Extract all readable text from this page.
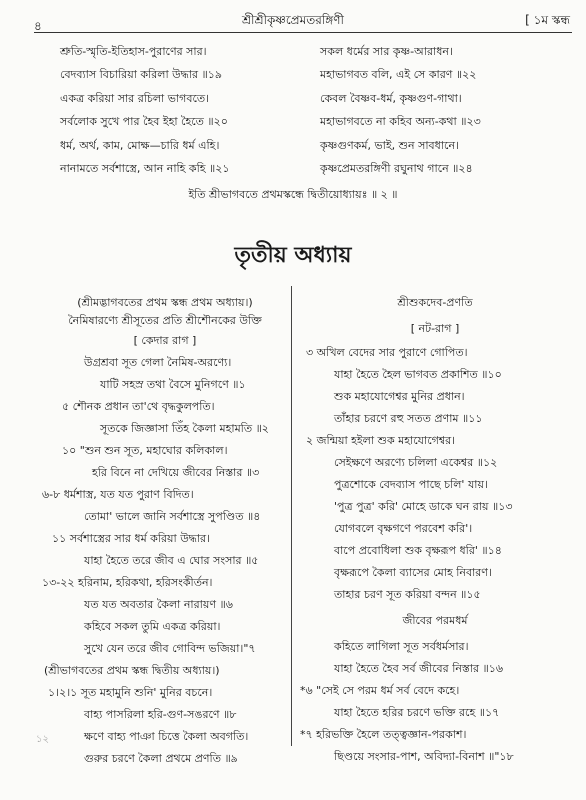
৪	শ্রীশ্রীকৃষ্ণপ্রেমতরঙ্গিণী	[ ১ম স্কন্ধ
শ্রুতি-স্মৃতি-ইতিহাস-পুরাণের সার।
বেদব্যাস বিচারিয়া করিলা উদ্ধার ॥১৯
একত্র করিয়া সার রচিলা ভাগবতে।
সর্বলোক সুখে পার হৈব ইহা হৈতে ॥২০
ধর্ম, অর্থ, কাম, মোক্ষ—চারি ধর্ম এহি।
নানামতে সর্বশাস্ত্রে, আন নাহি কহি ॥২১
সকল ধর্মের সার কৃষ্ণ-আরাধন।
মহাভাগবত বলি, এই সে কারণ ॥২২
কেবল বৈষ্ণব-ধর্ম, কৃষ্ণগুণ-গাথা।
মহাভাগবতে না কহিব অন্য-কথা ॥২৩
কৃষ্ণগুণকর্ম, ভাই, শুন সাবধানে।
কৃষ্ণপ্রেমতরঙ্গিণী রঘুনাথ গানে ॥২৪
ইতি শ্রীভাগবতে প্রথমস্কন্ধে দ্বিতীয়োধ্যায়ঃ ॥ ২ ॥
তৃতীয় অধ্যায়
(শ্রীমদ্ভাগবতের প্রথম স্কন্ধ প্রথম অধ্যায়।)
নৈমিষারণ্যে শ্রীসূতের প্রতি শ্রীশৌনকের উক্তি
[ কেদার রাগ ]
উগ্রশ্রবা সূত গেলা নৈমিষ-অরণ্যে।
যাটি সহস্র তথা বৈসে মুনিগণে ॥১
৫ শৌনক প্রধান তা'থে বৃদ্ধকুলপতি।
সূতকে জিজ্ঞাসা তিঁহ কৈলা মহামতি ॥২
১০ "শুন শুন সূত, মহাঘোর কলিকাল।
হরি বিনে না দেখিয়ে জীবের নিস্তার ॥৩
৬-৮ ধর্মশাস্ত্র, যত যত পুরাণ বিদিত।
তোমা' ভালে জানি সর্বশাস্ত্রে সুপণ্ডিত ॥৪
১১ সর্বশাস্ত্রের সার ধর্ম করিয়া উদ্ধার।
যাহা হৈতে তরে জীব এ ঘোর সংসার ॥৫
১৩-২২ হরিনাম, হরিকথা, হরিসংকীর্তন।
যত যত অবতার কৈলা নারায়ণ ॥৬
কহিবে সকল তুমি একত্র করিয়া।
সুখে যেন তরে জীব গোবিন্দ ভজিয়া।"৭
(শ্রীভাগবতের প্রথম স্কন্ধ দ্বিতীয় অধ্যায়।)
১।২।১ সূত মহামুনি শুনি' মুনির বচনে।
বাহ্য পাসরিলা হরি-গুণ-সঙরণে ॥৮
ক্ষণে বাহ্য পাঞা চিত্তে কৈলা অবগতি।
গুরুর চরণে কৈলা প্রথমে প্রণতি ॥৯
১২
শ্রীশুকদেব-প্রণতি
[ নট-রাগ ]
৩ অখিল বেদের সার পুরাণে গোপিত।
যাহা হৈতে হৈল ভাগবত প্রকাশিত ॥১০
শুক মহাযোগেশ্বর মুনির প্রধান।
তাঁহার চরণে রহু সতত প্রণাম ॥১১
২ জন্মিয়া হইলা শুক মহাযোগেশ্বর।
সেইক্ষণে অরণ্যে চলিলা একেশ্বর ॥১২
পুত্রশোকে বেদব্যাস পাছে চলি' যায়।
'পুত্র পুত্র' করি' মোহে ডাকে ঘন রায় ॥১৩
যোগবলে বৃক্ষগণে পরবেশ করি'।
বাপে প্রবোধিলা শুক বৃক্ষরূপ ধরি' ॥১৪
বৃক্ষরূপে কৈলা ব্যাসের মোহ নিবারণ।
তাহার চরণ সূত করিয়া বন্দন ॥১৫
জীবের পরমধর্ম
কহিতে লাগিলা সূত সর্বধর্মসার।
যাহা হৈতে হৈব সর্ব জীবের নিস্তার ॥১৬
*৬ "সেই সে পরম ধর্ম সর্ব বেদে কহে।
যাহা হৈতে হরির চরণে ভক্তি রহে ॥১৭
*৭ হরিভক্তি হৈলে তত্ত্বজ্ঞান-পরকাশ।
ছিণ্ডয়ে সংসার-পাশ, অবিদ্যা-বিনাশ ॥"১৮
